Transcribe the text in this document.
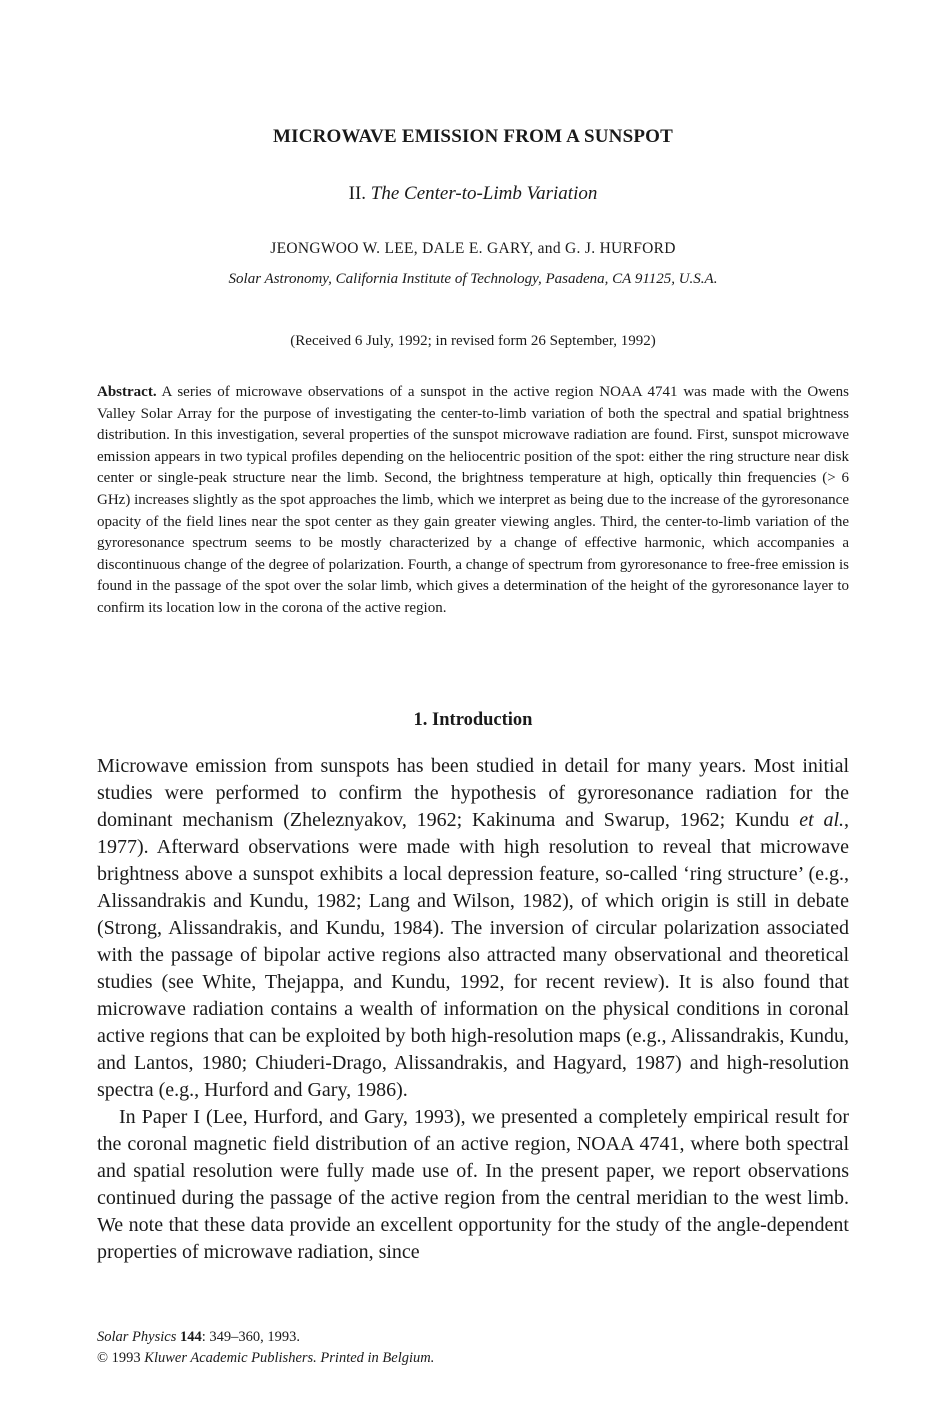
MICROWAVE EMISSION FROM A SUNSPOT
II. The Center-to-Limb Variation
JEONGWOO W. LEE, DALE E. GARY, and G. J. HURFORD
Solar Astronomy, California Institute of Technology, Pasadena, CA 91125, U.S.A.
(Received 6 July, 1992; in revised form 26 September, 1992)
Abstract. A series of microwave observations of a sunspot in the active region NOAA 4741 was made with the Owens Valley Solar Array for the purpose of investigating the center-to-limb variation of both the spectral and spatial brightness distribution. In this investigation, several properties of the sunspot microwave radiation are found. First, sunspot microwave emission appears in two typical profiles depending on the heliocentric position of the spot: either the ring structure near disk center or single-peak structure near the limb. Second, the brightness temperature at high, optically thin frequencies (> 6 GHz) increases slightly as the spot approaches the limb, which we interpret as being due to the increase of the gyroresonance opacity of the field lines near the spot center as they gain greater viewing angles. Third, the center-to-limb variation of the gyroresonance spectrum seems to be mostly characterized by a change of effective harmonic, which accompanies a discontinuous change of the degree of polarization. Fourth, a change of spectrum from gyroresonance to free-free emission is found in the passage of the spot over the solar limb, which gives a determination of the height of the gyroresonance layer to confirm its location low in the corona of the active region.
1. Introduction

Microwave emission from sunspots has been studied in detail for many years. Most initial studies were performed to confirm the hypothesis of gyroresonance radiation for the dominant mechanism (Zheleznyakov, 1962; Kakinuma and Swarup, 1962; Kundu et al., 1977). Afterward observations were made with high resolution to reveal that microwave brightness above a sunspot exhibits a local depression feature, so-called ‘ring structure’ (e.g., Alissandrakis and Kundu, 1982; Lang and Wilson, 1982), of which origin is still in debate (Strong, Alissandrakis, and Kundu, 1984). The inversion of circular polarization associated with the passage of bipolar active regions also attracted many observational and theoretical studies (see White, Thejappa, and Kundu, 1992, for recent review). It is also found that microwave radiation contains a wealth of information on the physical conditions in coronal active regions that can be exploited by both high-resolution maps (e.g., Alissandrakis, Kundu, and Lantos, 1980; Chiuderi-Drago, Alissandrakis, and Hagyard, 1987) and high-resolution spectra (e.g., Hurford and Gary, 1986).

In Paper I (Lee, Hurford, and Gary, 1993), we presented a completely empirical result for the coronal magnetic field distribution of an active region, NOAA 4741, where both spectral and spatial resolution were fully made use of. In the present paper, we report observations continued during the passage of the active region from the central meridian to the west limb. We note that these data provide an excellent opportunity for the study of the angle-dependent properties of microwave radiation, since

Solar Physics 144: 349–360, 1993.
© 1993 Kluwer Academic Publishers. Printed in Belgium.
